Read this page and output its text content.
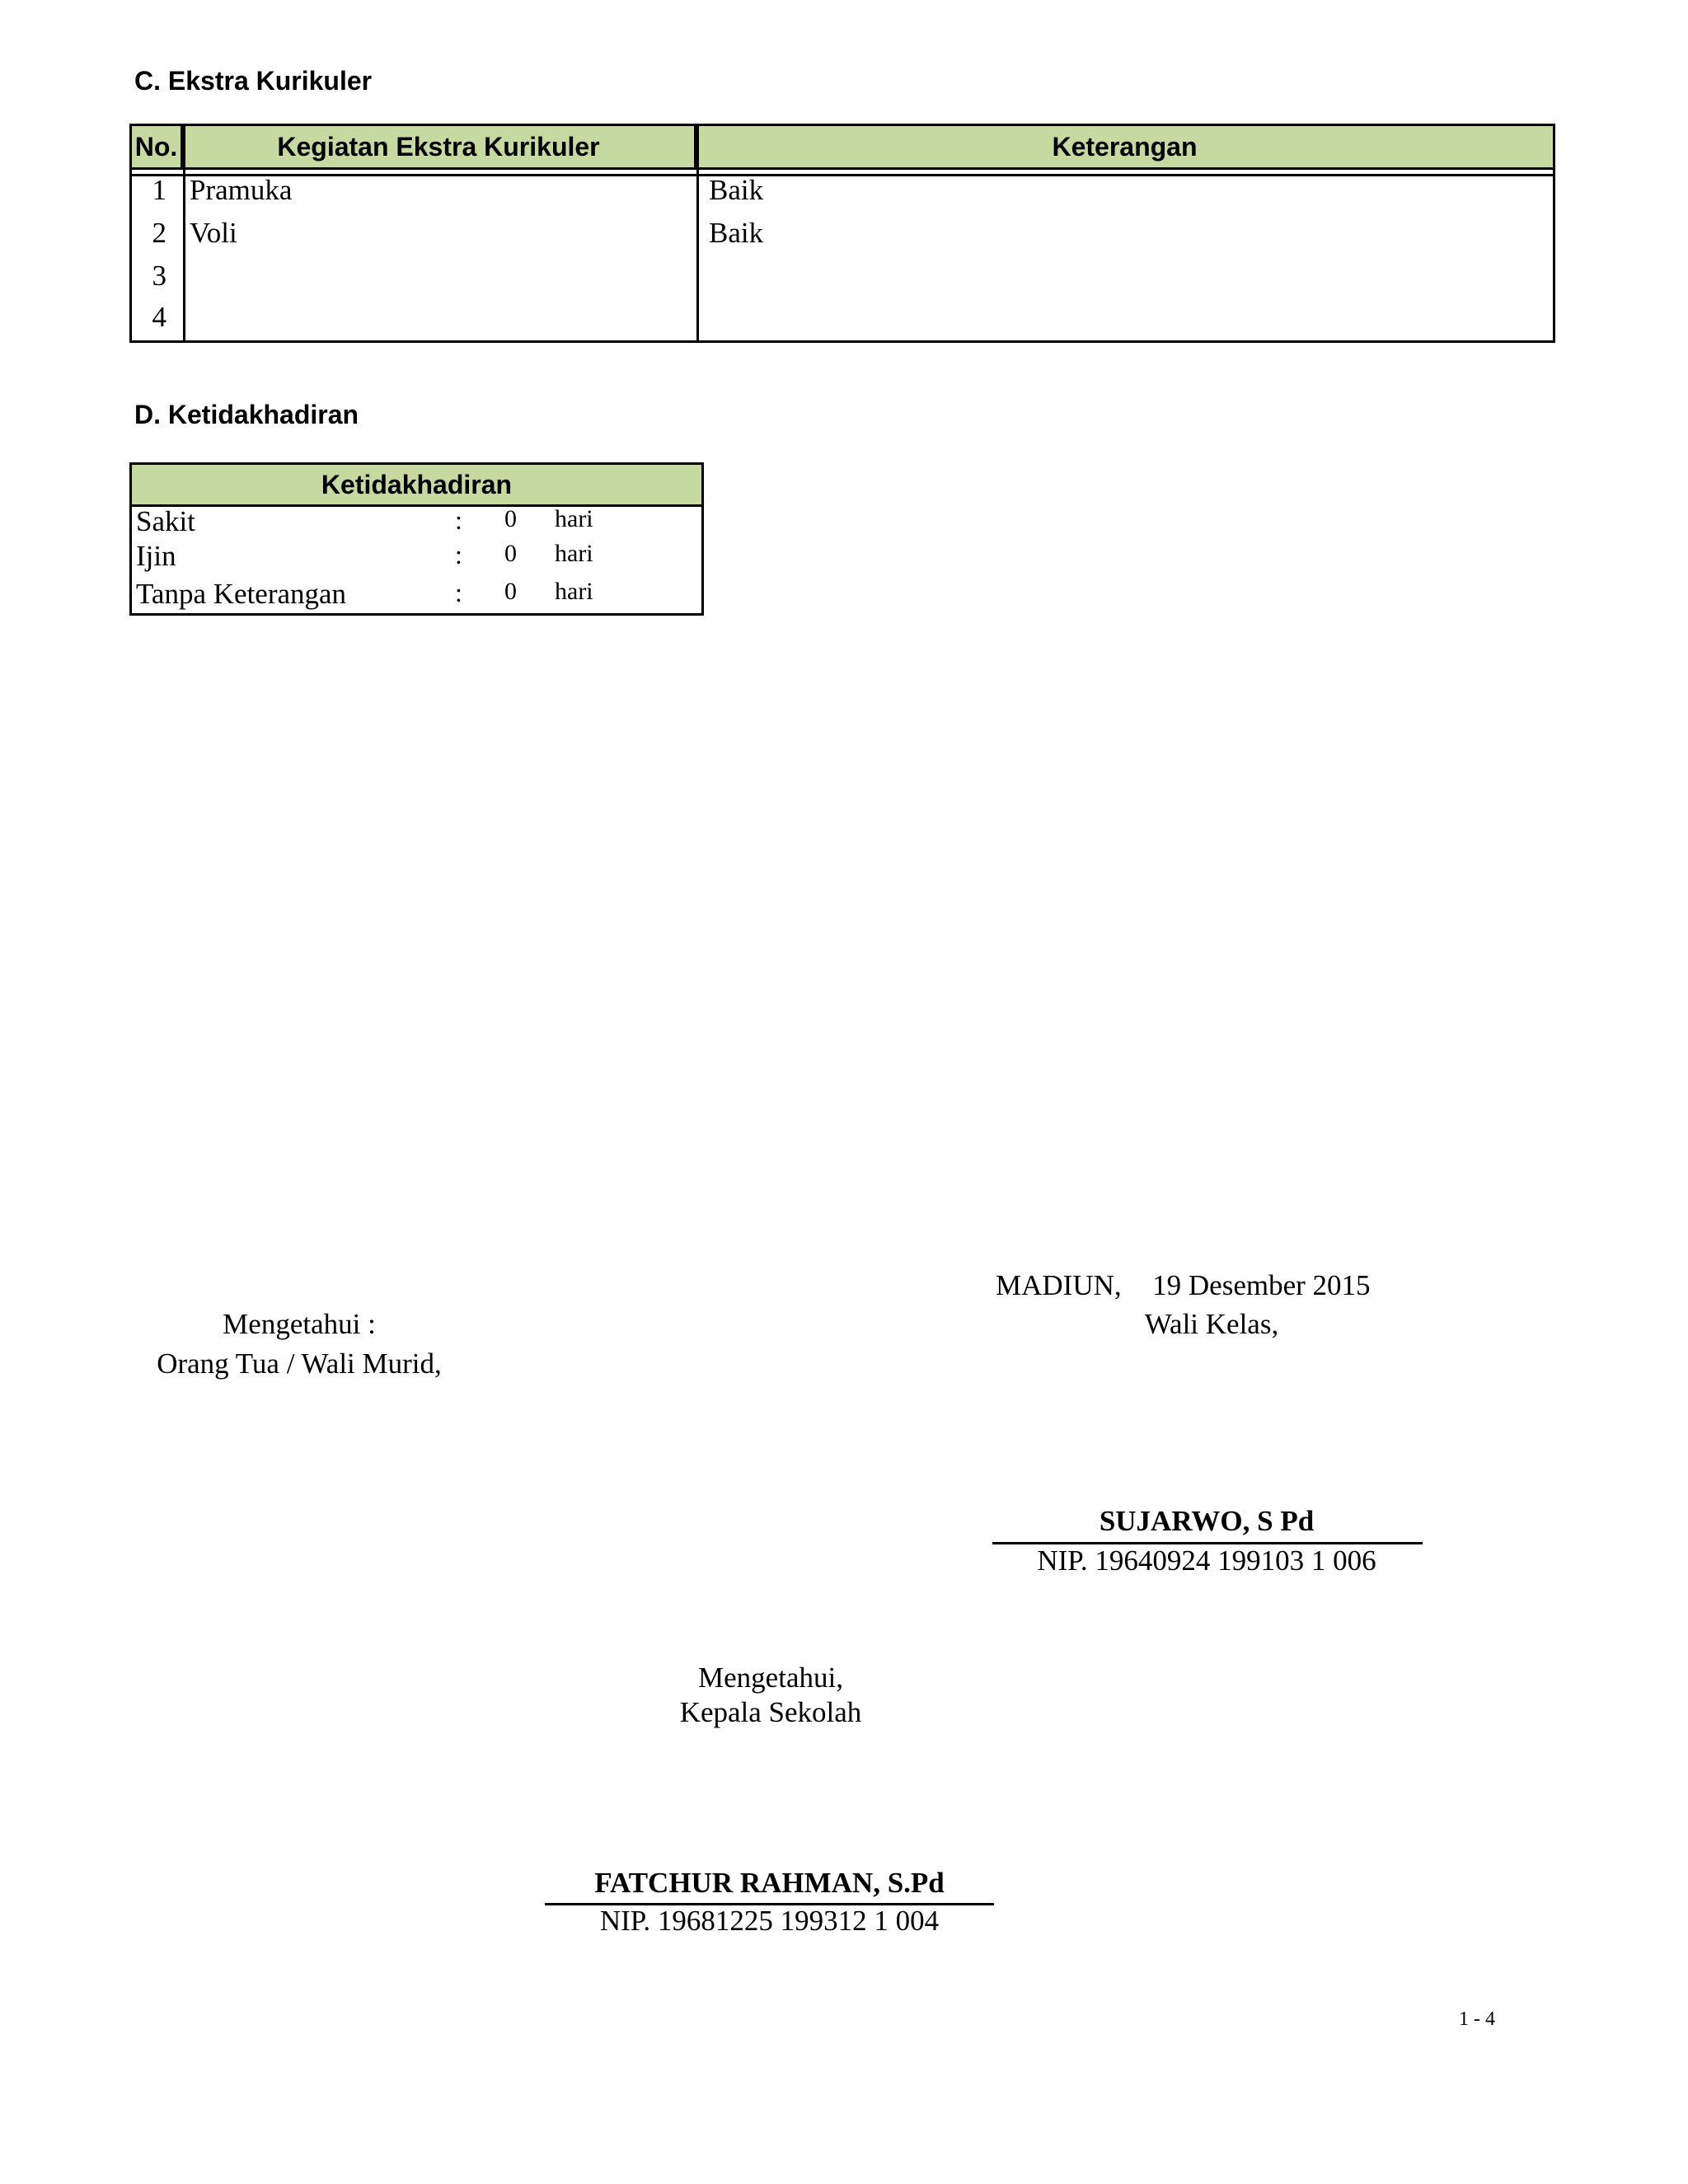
C. Ekstra Kurikuler
No.	Kegiatan Ekstra Kurikuler	Keterangan
1 Pramuka	Baik
2 Voli	Baik
3
4
D. Ketidakhadiran
Ketidakhadiran
Sakit	: 0 hari
Ijin	: 0 hari
Tanpa Keterangan	: 0 hari
MADIUN, 19 Desember 2015
Mengetahui :
Orang Tua / Wali Murid,
Wali Kelas,
SUJARWO, S Pd
NIP. 19640924 199103 1 006
Mengetahui,
Kepala Sekolah
FATCHUR RAHMAN, S.Pd
NIP. 19681225 199312 1 004
1 - 4
